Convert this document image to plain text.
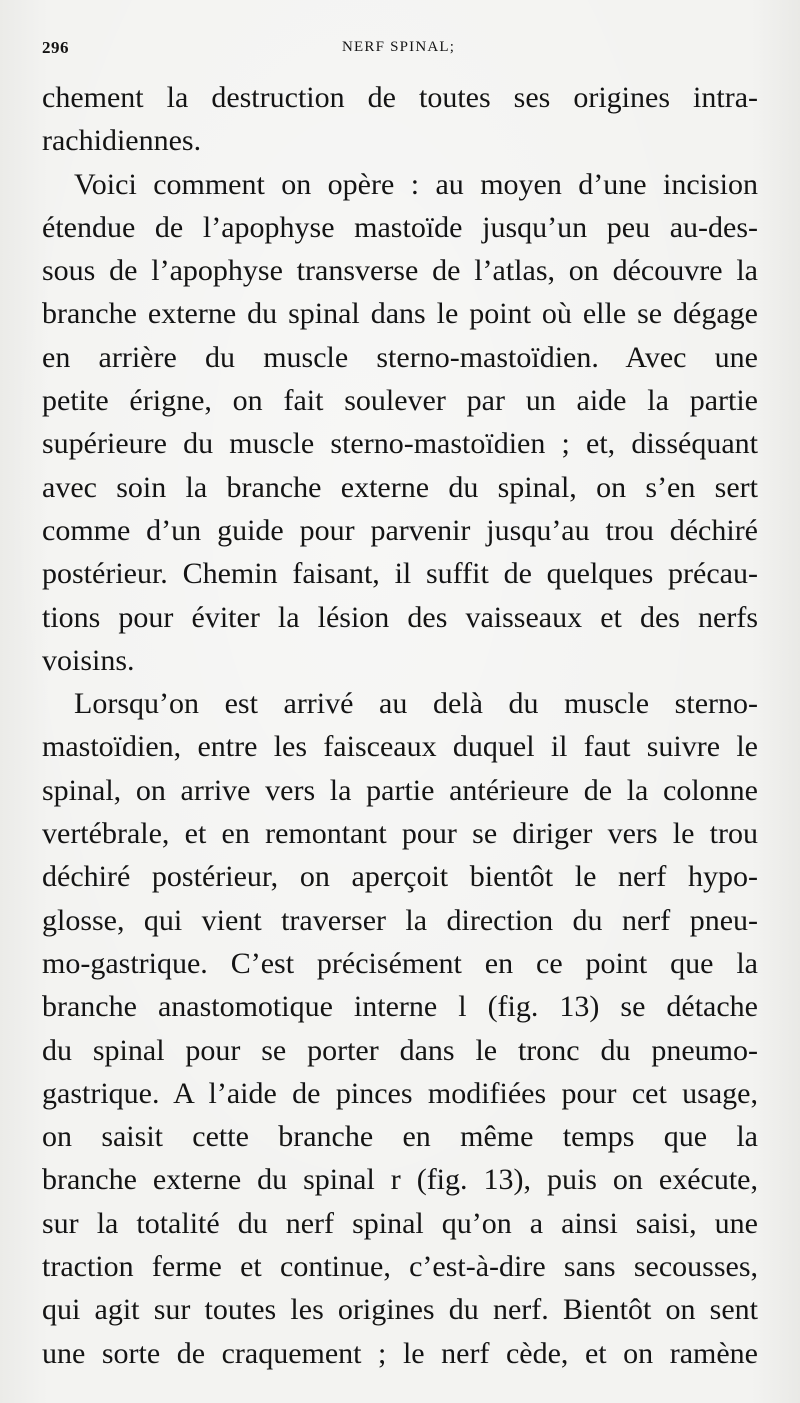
296	NERF SPINAL;
chement la destruction de toutes ses origines intra-
rachidiennes.
Voici comment on opère : au moyen d’une incision
étendue de l’apophyse mastoïde jusqu’un peu au-des-
sous de l’apophyse transverse de l’atlas, on découvre la
branche externe du spinal dans le point où elle se dégage
en arrière du muscle sterno-mastoïdien. Avec une
petite érigne, on fait soulever par un aide la partie
supérieure du muscle sterno-mastoïdien ; et, disséquant
avec soin la branche externe du spinal, on s’en sert
comme d’un guide pour parvenir jusqu’au trou déchiré
postérieur. Chemin faisant, il suffit de quelques précau-
tions pour éviter la lésion des vaisseaux et des nerfs
voisins.
Lorsqu’on est arrivé au delà du muscle sterno-
mastoïdien, entre les faisceaux duquel il faut suivre le
spinal, on arrive vers la partie antérieure de la colonne
vertébrale, et en remontant pour se diriger vers le trou
déchiré postérieur, on aperçoit bientôt le nerf hypo-
glosse, qui vient traverser la direction du nerf pneu-
mo-gastrique. C’est précisément en ce point que la
branche anastomotique interne l (fig. 13) se détache
du spinal pour se porter dans le tronc du pneumo-
gastrique. A l’aide de pinces modifiées pour cet usage,
on saisit cette branche en même temps que la
branche externe du spinal r (fig. 13), puis on exécute,
sur la totalité du nerf spinal qu’on a ainsi saisi, une
traction ferme et continue, c’est-à-dire sans secousses,
qui agit sur toutes les origines du nerf. Bientôt on sent
une sorte de craquement ; le nerf cède, et on ramène
